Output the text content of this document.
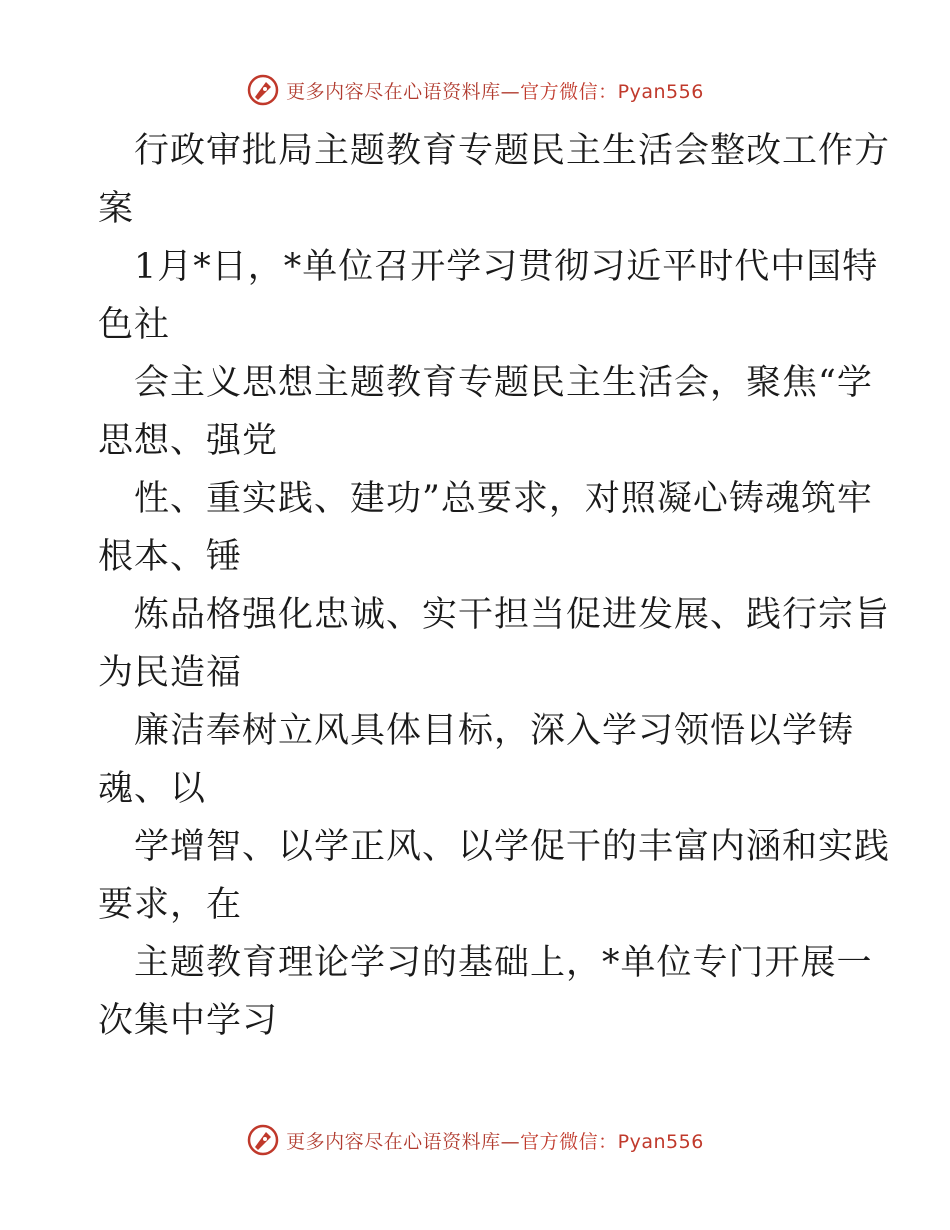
更多内容尽在心语资料库—官方微信：Pyan556
行政审批局主题教育专题民主生活会整改工作方
案
1月*日，*单位召开学习贯彻习近平时代中国特
色社
会主义思想主题教育专题民主生活会，聚焦“学
思想、强党
性、重实践、建功”总要求，对照凝心铸魂筑牢
根本、锤
炼品格强化忠诚、实干担当促进发展、践行宗旨
为民造福
廉洁奉树立风具体目标，深入学习领悟以学铸
魂、以
学增智、以学正风、以学促干的丰富内涵和实践
要求，在
主题教育理论学习的基础上，*单位专门开展一
次集中学习
更多内容尽在心语资料库—官方微信：Pyan556
